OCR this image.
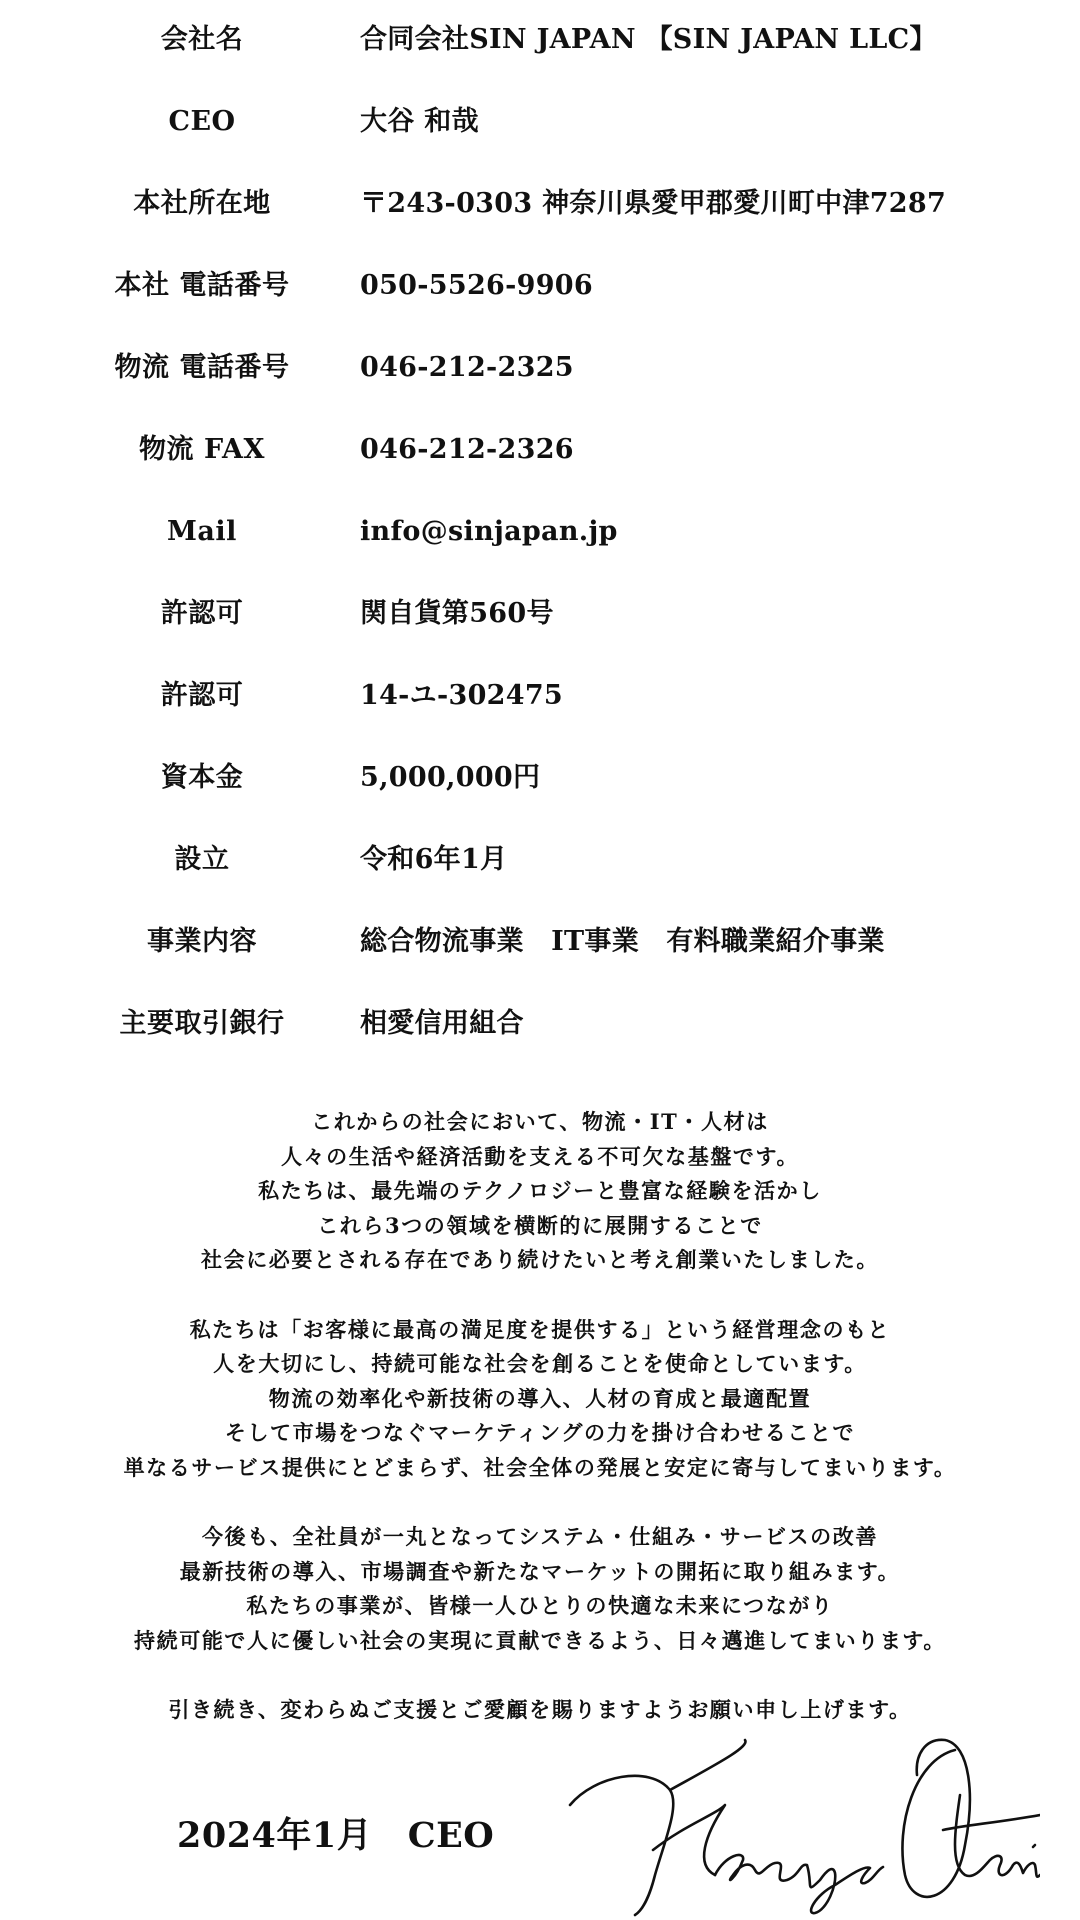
会社名	合同会社SIN JAPAN 【SIN JAPAN LLC】
CEO	大谷 和哉
本社所在地	〒243-0303 神奈川県愛甲郡愛川町中津7287
本社 電話番号	050-5526-9906
物流 電話番号	046-212-2325
物流 FAX	046-212-2326
Mail	info@sinjapan.jp
許認可	関自貨第560号
許認可	14-ユ-302475
資本金	5,000,000円
設立	令和6年1月
事業内容	総合物流事業　IT事業　有料職業紹介事業
主要取引銀行	相愛信用組合
これからの社会において、物流・IT・人材は
人々の生活や経済活動を支える不可欠な基盤です。
私たちは、最先端のテクノロジーと豊富な経験を活かし
これら3つの領域を横断的に展開することで
社会に必要とされる存在であり続けたいと考え創業いたしました。
私たちは「お客様に最高の満足度を提供する」という経営理念のもと
人を大切にし、持続可能な社会を創ることを使命としています。
物流の効率化や新技術の導入、人材の育成と最適配置
そして市場をつなぐマーケティングの力を掛け合わせることで
単なるサービス提供にとどまらず、社会全体の発展と安定に寄与してまいります。
今後も、全社員が一丸となってシステム・仕組み・サービスの改善
最新技術の導入、市場調査や新たなマーケットの開拓に取り組みます。
私たちの事業が、皆様一人ひとりの快適な未来につながり
持続可能で人に優しい社会の実現に貢献できるよう、日々邁進してまいります。
引き続き、変わらぬご支援とご愛顧を賜りますようお願い申し上げます。
2024年1月　CEO
